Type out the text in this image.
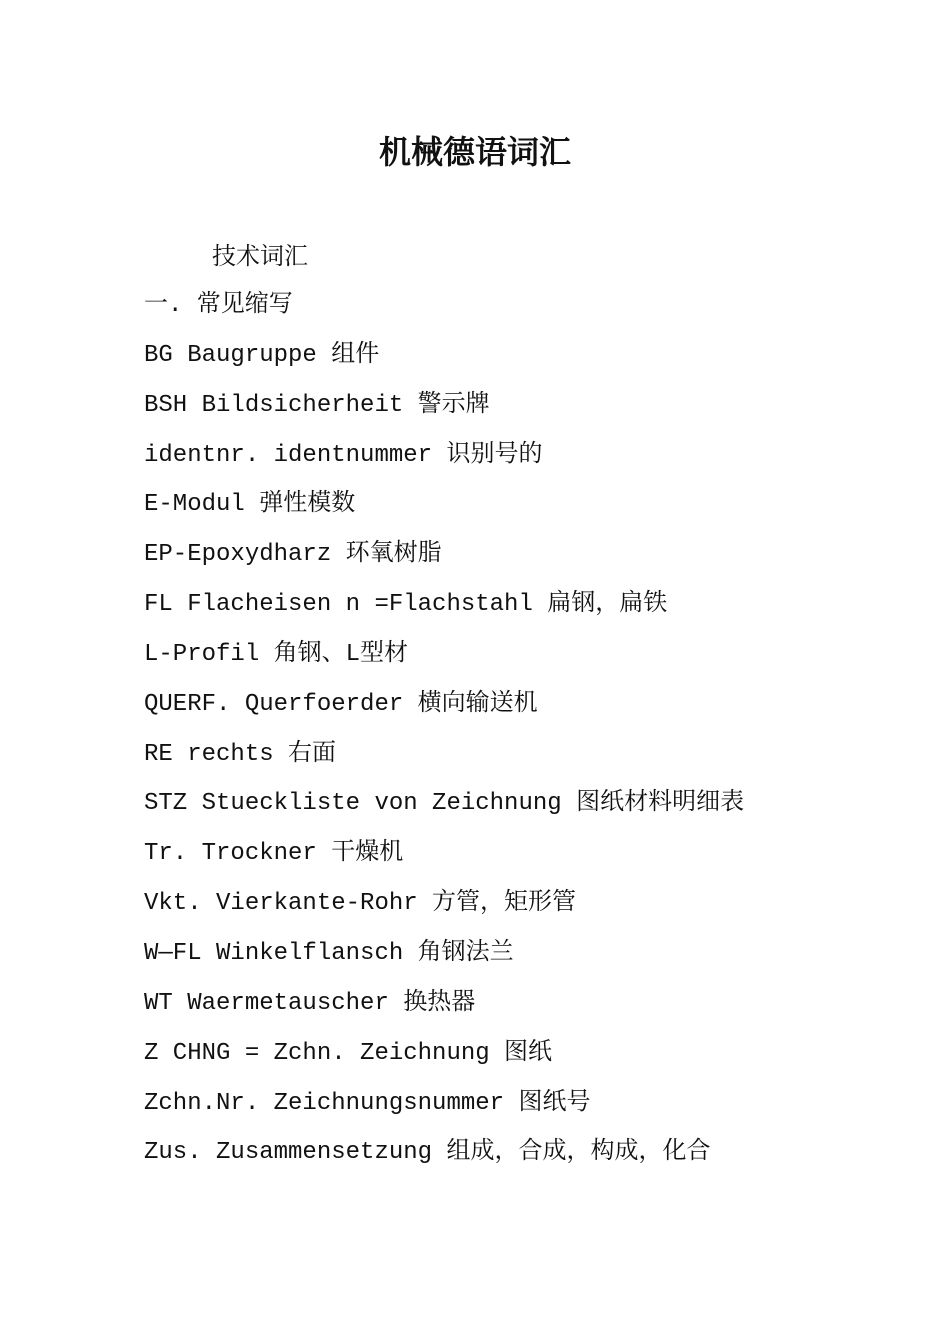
机械德语词汇
技术词汇
一. 常见缩写
BG Baugruppe 组件
BSH Bildsicherheit 警示牌
identnr. identnummer 识别号的
E-Modul 弹性模数
EP-Epoxydharz 环氧树脂
FL Flacheisen n =Flachstahl 扁钢，扁铁
L-Profil 角钢、L型材
QUERF. Querfoerder 横向输送机
RE rechts 右面
STZ Stueckliste von Zeichnung 图纸材料明细表
Tr. Trockner 干燥机
Vkt. Vierkante-Rohr 方管，矩形管
W—FL Winkelflansch 角钢法兰
WT Waermetauscher 换热器
Z CHNG = Zchn. Zeichnung 图纸
Zchn.Nr. Zeichnungsnummer 图纸号
Zus. Zusammensetzung 组成，合成，构成，化合
